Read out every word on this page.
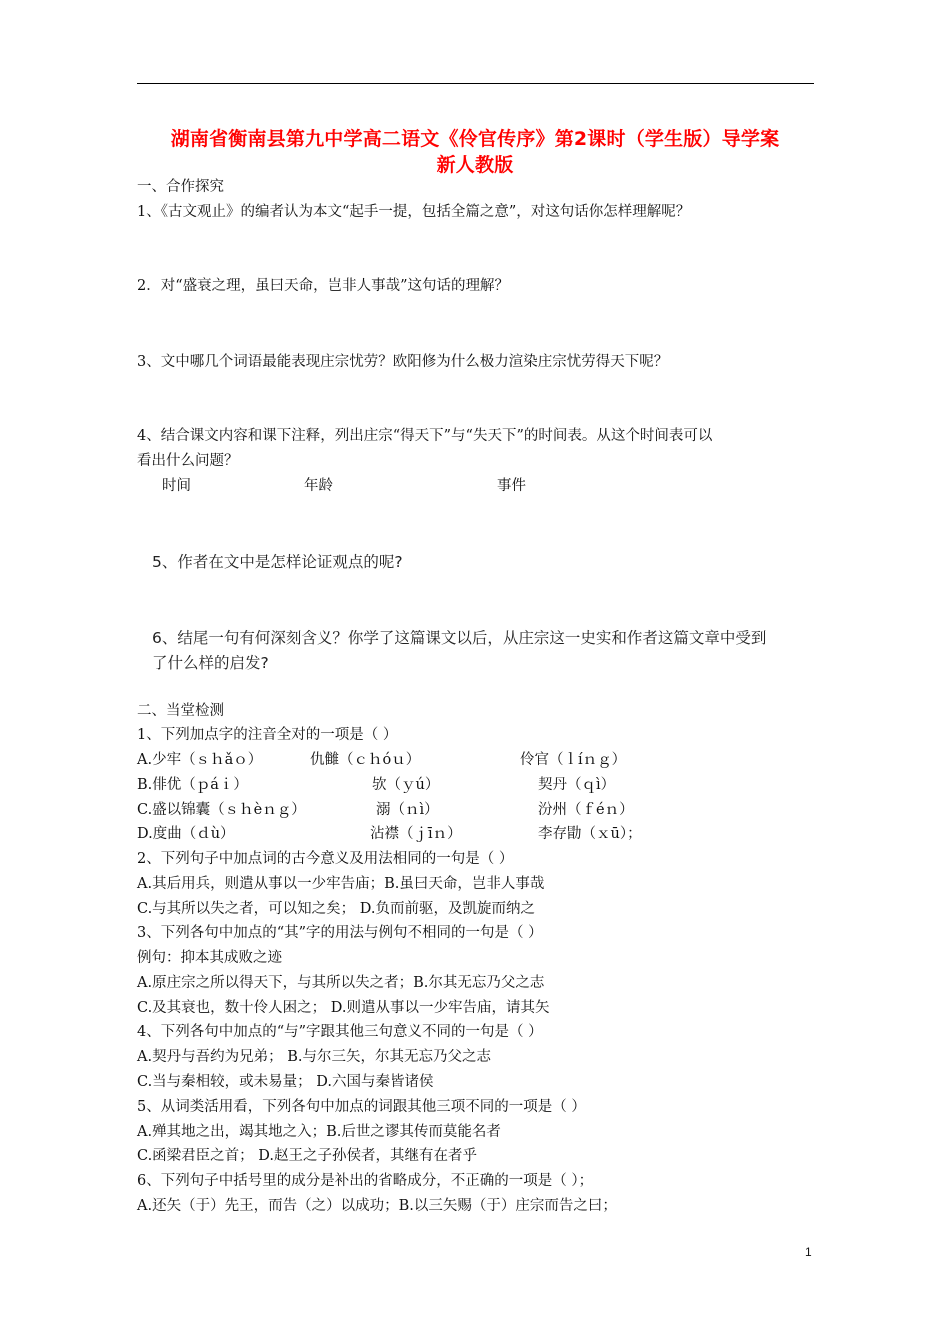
湖南省衡南县第九中学高二语文《伶官传序》第2课时（学生版）导学案
新人教版
一、合作探究
1、《古文观止》的编者认为本文“起手一提，包括全篇之意”，对这句话你怎样理解呢？
2．对“盛衰之理，虽曰天命，岂非人事哉”这句话的理解？
3、文中哪几个词语最能表现庄宗忧劳？欧阳修为什么极力渲染庄宗忧劳得天下呢？
4、结合课文内容和课下注释，列出庄宗“得天下”与“失天下”的时间表。从这个时间表可以
看出什么问题？
时间	年龄	事件
5、作者在文中是怎样论证观点的呢?
6、结尾一句有何深刻含义？你学了这篇课文以后，从庄宗这一史实和作者这篇文章中受到
了什么样的启发?
二、当堂检测
1、下列加点字的注音全对的一项是（ ）
A.少牢（ｓｈǎｏ）	仇雠（ｃｈóｕ）	伶官（ｌíｎｇ）
B.俳优（ｐáｉ）	欤（ｙú）	契丹（ｑì）
C.盛以锦囊（ｓｈèｎｇ）	溺（ｎì）	汾州（ｆéｎ）
D.度曲（ｄù）	沾襟（ｊīｎ）	李存勖（ｘū）；
2、下列句子中加点词的古今意义及用法相同的一句是（ ）
A.其后用兵，则遣从事以一少牢告庙；B.虽曰天命，岂非人事哉
C.与其所以失之者，可以知之矣； D.负而前驱，及凯旋而纳之
3、下列各句中加点的“其”字的用法与例句不相同的一句是（ ）
例句：抑本其成败之迹
A.原庄宗之所以得天下，与其所以失之者；B.尔其无忘乃父之志
C.及其衰也，数十伶人困之； D.则遣从事以一少牢告庙，请其矢
4、下列各句中加点的“与”字跟其他三句意义不同的一句是（ ）
A.契丹与吾约为兄弟； B.与尔三矢，尔其无忘乃父之志
C.当与秦相较，或未易量； D.六国与秦皆诸侯
5、从词类活用看，下列各句中加点的词跟其他三项不同的一项是（ ）
A.殚其地之出，竭其地之入；B.后世之谬其传而莫能名者
C.函梁君臣之首； D.赵王之子孙侯者，其继有在者乎
6、下列句子中括号里的成分是补出的省略成分，不正确的一项是（ ）；
A.还矢（于）先王，而告（之）以成功；B.以三矢赐（于）庄宗而告之曰；
1
